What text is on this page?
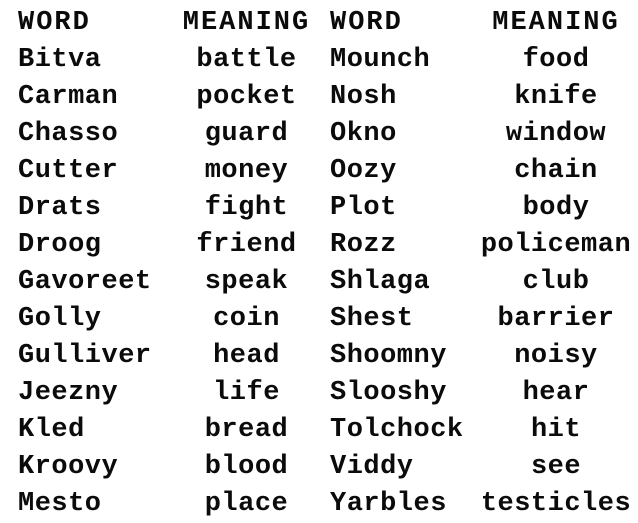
WORD	MEANING
Bitva	battle
Carman	pocket
Chasso	guard
Cutter	money
Drats	fight
Droog	friend
Gavoreet	speak
Golly	coin
Gulliver	head
Jeezny	life
Kled	bread
Kroovy	blood
Mesto	place
WORD	MEANING
Mounch	food
Nosh	knife
Okno	window
Oozy	chain
Plot	body
Rozz	policeman
Shlaga	club
Shest	barrier
Shoomny	noisy
Slooshy	hear
Tolchock	hit
Viddy	see
Yarbles	testicles
